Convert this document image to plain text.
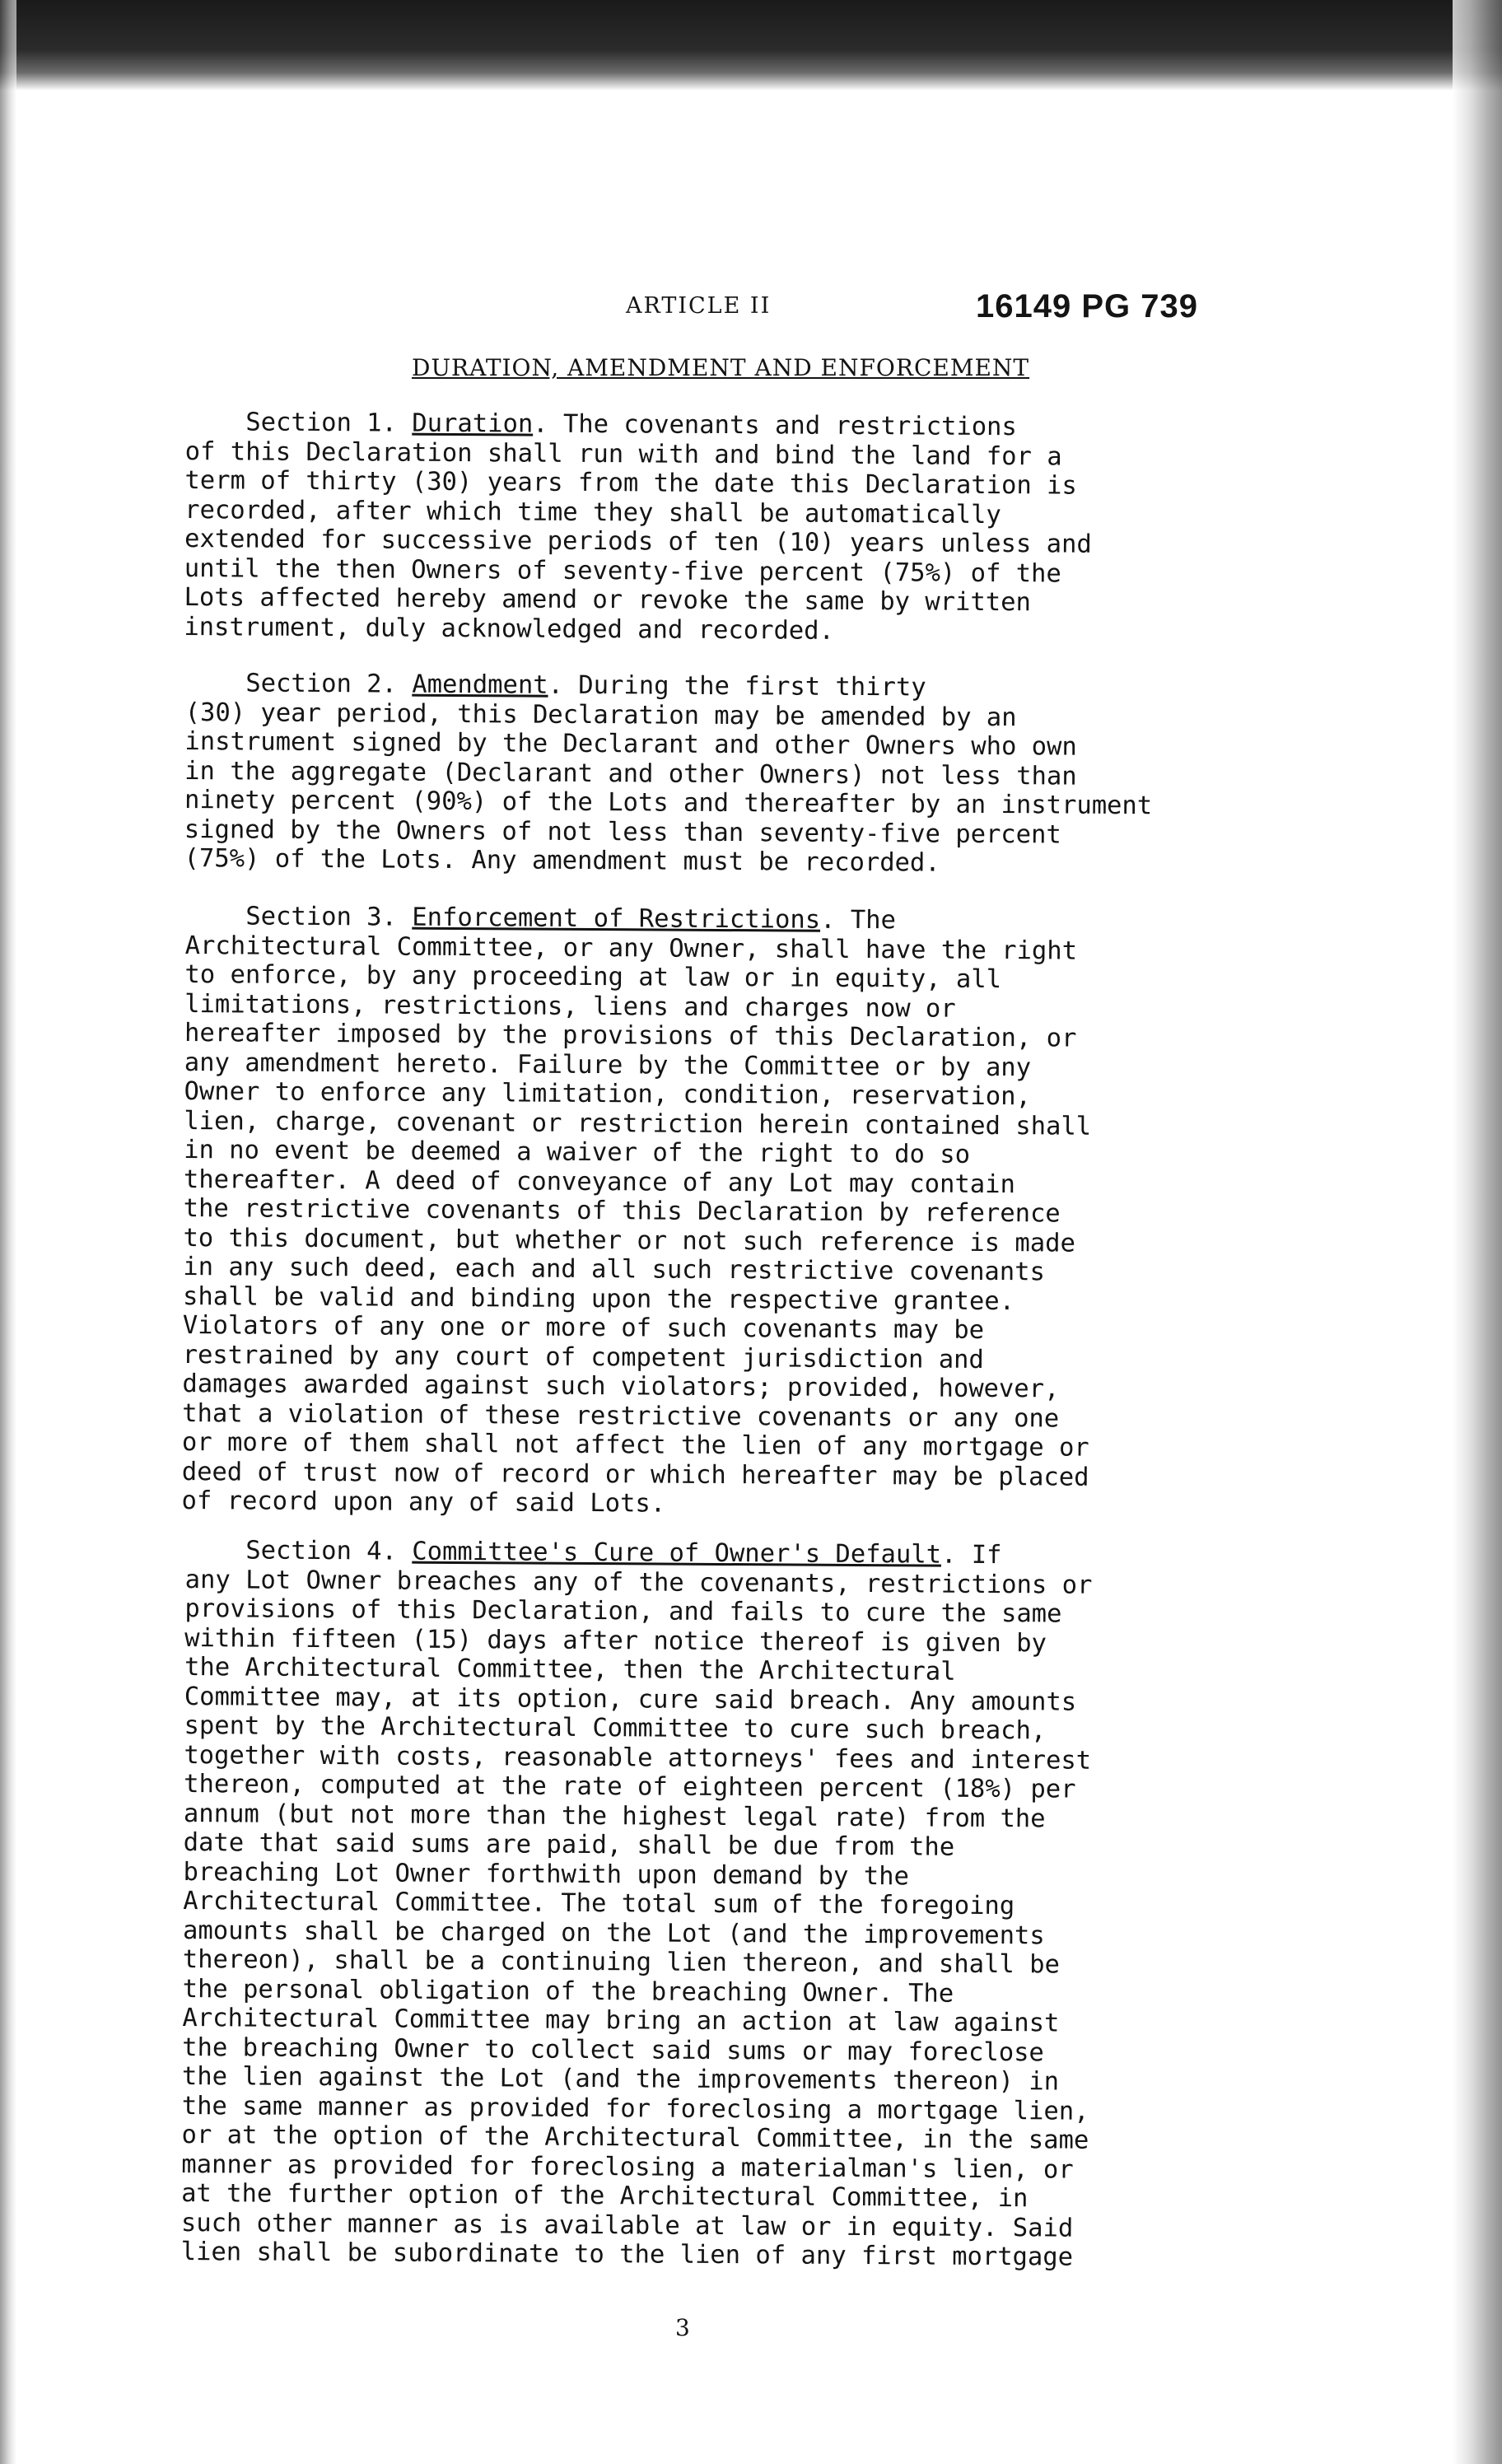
ARTICLE II	16149 PG 739
DURATION, AMENDMENT AND ENFORCEMENT
Section 1. Duration. The covenants and restrictions
of this Declaration shall run with and bind the land for a
term of thirty (30) years from the date this Declaration is
recorded, after which time they shall be automatically
extended for successive periods of ten (10) years unless and
until the then Owners of seventy-five percent (75%) of the
Lots affected hereby amend or revoke the same by written
instrument, duly acknowledged and recorded.
Section 2. Amendment. During the first thirty
(30) year period, this Declaration may be amended by an
instrument signed by the Declarant and other Owners who own
in the aggregate (Declarant and other Owners) not less than
ninety percent (90%) of the Lots and thereafter by an instrument
signed by the Owners of not less than seventy-five percent
(75%) of the Lots. Any amendment must be recorded.
Section 3. Enforcement of Restrictions. The
Architectural Committee, or any Owner, shall have the right
to enforce, by any proceeding at law or in equity, all
limitations, restrictions, liens and charges now or
hereafter imposed by the provisions of this Declaration, or
any amendment hereto. Failure by the Committee or by any
Owner to enforce any limitation, condition, reservation,
lien, charge, covenant or restriction herein contained shall
in no event be deemed a waiver of the right to do so
thereafter. A deed of conveyance of any Lot may contain
the restrictive covenants of this Declaration by reference
to this document, but whether or not such reference is made
in any such deed, each and all such restrictive covenants
shall be valid and binding upon the respective grantee.
Violators of any one or more of such covenants may be
restrained by any court of competent jurisdiction and
damages awarded against such violators; provided, however,
that a violation of these restrictive covenants or any one
or more of them shall not affect the lien of any mortgage or
deed of trust now of record or which hereafter may be placed
of record upon any of said Lots.
Section 4. Committee's Cure of Owner's Default. If
any Lot Owner breaches any of the covenants, restrictions or
provisions of this Declaration, and fails to cure the same
within fifteen (15) days after notice thereof is given by
the Architectural Committee, then the Architectural
Committee may, at its option, cure said breach. Any amounts
spent by the Architectural Committee to cure such breach,
together with costs, reasonable attorneys' fees and interest
thereon, computed at the rate of eighteen percent (18%) per
annum (but not more than the highest legal rate) from the
date that said sums are paid, shall be due from the
breaching Lot Owner forthwith upon demand by the
Architectural Committee. The total sum of the foregoing
amounts shall be charged on the Lot (and the improvements
thereon), shall be a continuing lien thereon, and shall be
the personal obligation of the breaching Owner. The
Architectural Committee may bring an action at law against
the breaching Owner to collect said sums or may foreclose
the lien against the Lot (and the improvements thereon) in
the same manner as provided for foreclosing a mortgage lien,
or at the option of the Architectural Committee, in the same
manner as provided for foreclosing a materialman's lien, or
at the further option of the Architectural Committee, in
such other manner as is available at law or in equity. Said
lien shall be subordinate to the lien of any first mortgage
3
